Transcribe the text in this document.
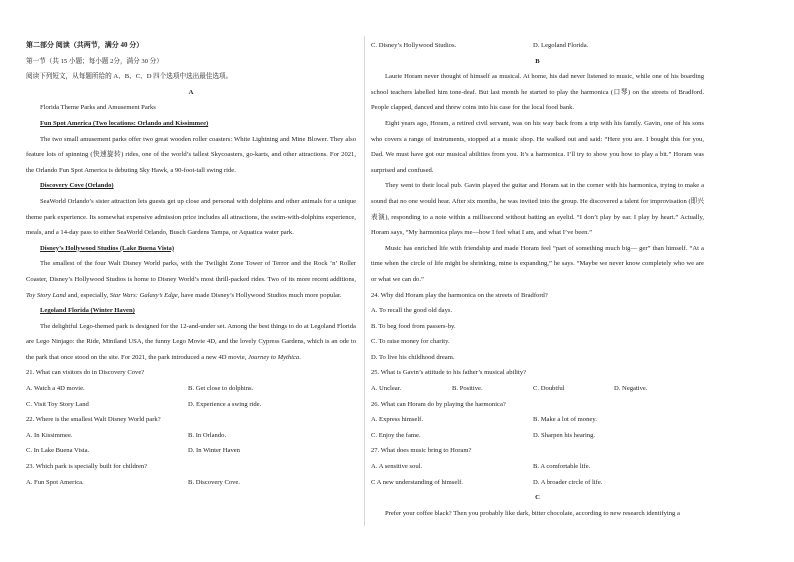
第二部分 阅读（共两节，满分 40 分）

第一节（共 15 小题；每小题 2分，满分 30 分）

阅读下列短文，从每题所给的 A、B、C、D 四个选项中选出最佳选项。

A

Florida Theme Parks and Amusement Parks

Fun Spot America (Two locations: Orlando and Kissimmee)

The two small amusement parks offer two great wooden roller coasters: White Lightning and Mine Blower. They also feature lots of spinning (快速旋转) rides, one of the world’s tallest Skycoasters, go-karts, and other attractions. For 2021, the Orlando Fun Spot America is debuting Sky Hawk, a 90-foot-tall swing ride.

Discovery Cove (Orlando)

SeaWorld Orlando’s sister attraction lets guests get up close and personal with dolphins and other animals for a unique theme park experience. Its somewhat expensive admission price includes all attractions, the swim-with-dolphins experience, meals, and a 14-day pass to either SeaWorld Orlando, Busch Gardens Tampa, or Aquatica water park.

Disney’s Hollywood Studios (Lake Buena Vista)

The smallest of the four Walt Disney World parks, with the Twilight Zone Tower of Terror and the Rock ’n’ Roller Coaster, Disney’s Hollywood Studios is home to Disney World’s most thrill-packed rides. Two of its more recent additions, Toy Story Land and, especially, Star Wars: Galaxy’s Edge, have made Disney’s Hollywood Studios much more popular.

Legoland Florida (Winter Haven)

The delightful Lego-themed park is designed for the 12-and-under set. Among the best things to do at Legoland Florida are Lego Ninjago: the Ride, Miniland USA, the funny Lego Movie 4D, and the lovely Cypress Gardens, which is an ode to the park that once stood on the site. For 2021, the park introduced a new 4D movie, Journey to Mythica.

21. What can visitors do in Discovery Cove?

A. Watch a 4D movie.	B. Get close to dolphins.

C. Visit Toy Story Land	D. Experience a swing ride.

22. Where is the smallest Walt Disney World park?

A. In Kissimmee.	B. In Orlando.

C. In Lake Buena Vista.	D. In Winter Haven

23. Which park is specially built for children?

A. Fun Spot America.	B. Discovery Cove.

C. Disney’s Hollywood Studios.	D. Legoland Florida.

B

Laurie Horam never thought of himself as musical. At home, his dad never listened to music, while one of his boarding school teachers labelled him tone-deaf. But last month he started to play the harmonica (口琴) on the streets of Bradford. People clapped, danced and threw coins into his case for the local food bank.

Eight years ago, Horam, a retired civil servant, was on his way back from a trip with his family. Gavin, one of his sons who covers a range of instruments, stopped at a music shop. He walked out and said: “Here you are. I bought this for you, Dad. We must have got our musical abilities from you. It’s a harmonica. I’ll try to show you how to play a bit.” Horam was surprised and confused.

They went to their local pub. Gavin played the guitar and Horam sat in the corner with his harmonica, trying to make a sound that no one would hear. After six months, he was invited into the group. He discovered a talent for improvisation (即兴表演), responding to a note within a millisecond without batting an eyelid. “I don’t play by ear. I play by heart.” Actually, Horam says, “My harmonica plays me—how I feel what I am, and what I’ve been.”

Music has enriched life with friendship and made Horam feel “part of something much big— ger” than himself. “At a time when the circle of life might be shrinking, mine is expanding,” he says. “Maybe we never know completely who we are or what we can do.”

24. Why did Horam play the harmonica on the streets of Bradford?

A. To recall the good old days.

B. To beg food from passers-by.

C. To raise money for charity.

D. To live his childhood dream.

25. What is Gavin’s attitude to his father’s musical ability?

A. Unclear.	B. Positive.	C. Doubtful	D. Negative.

26. What can Horam do by playing the harmonica?

A. Express himself.	B. Make a lot of money.

C. Enjoy the fame.	D. Sharpen his hearing.

27. What does music bring to Horam?

A. A sensitive soul.	B. A comfortable life.

C A new understanding of himself.	D. A broader circle of life.

C

Prefer your coffee black? Then you probably like dark, bitter chocolate, according to new research identifying a
